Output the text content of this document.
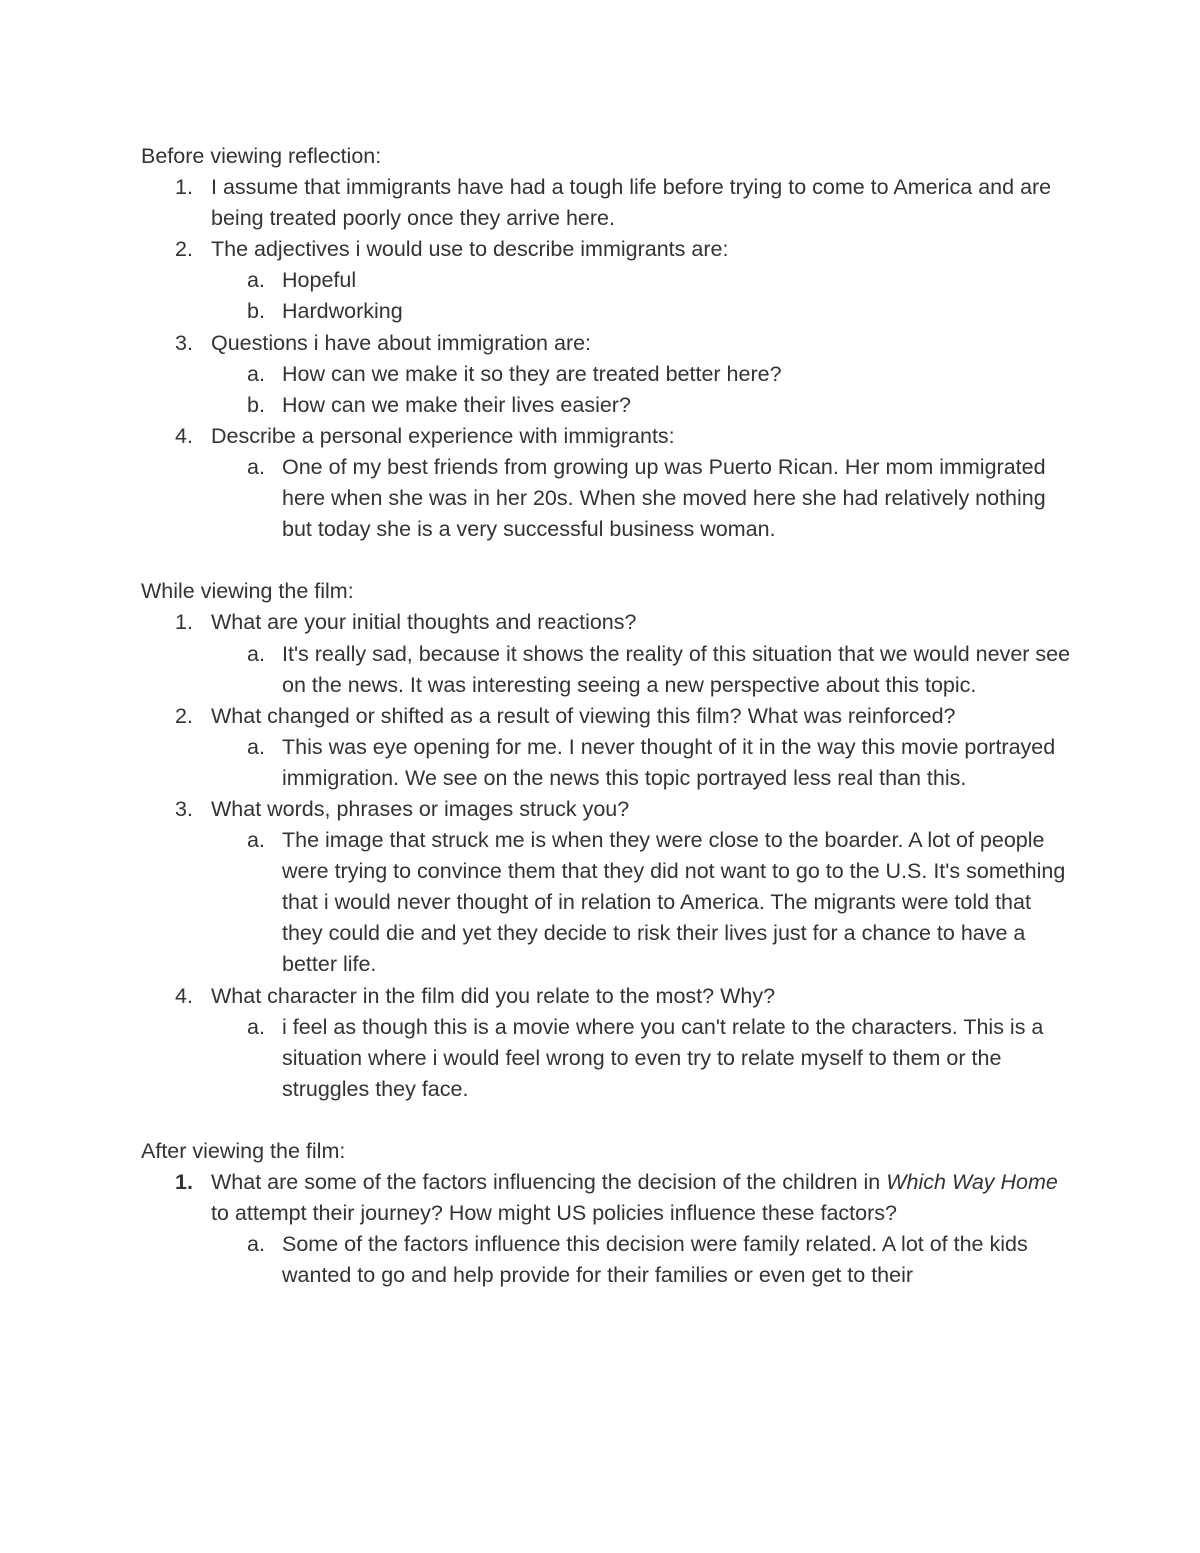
Before viewing reflection:

1. I assume that immigrants have had a tough life before trying to come to America and are being treated poorly once they arrive here.
2. The adjectives i would use to describe immigrants are:
a. Hopeful
b. Hardworking
3. Questions i have about immigration are:
a. How can we make it so they are treated better here?
b. How can we make their lives easier?
4. Describe a personal experience with immigrants:
a. One of my best friends from growing up was Puerto Rican. Her mom immigrated here when she was in her 20s. When she moved here she had relatively nothing but today she is a very successful business woman.

While viewing the film:

1. What are your initial thoughts and reactions?
a. It's really sad, because it shows the reality of this situation that we would never see on the news. It was interesting seeing a new perspective about this topic.
2. What changed or shifted as a result of viewing this film? What was reinforced?
a. This was eye opening for me. I never thought of it in the way this movie portrayed immigration. We see on the news this topic portrayed less real than this.
3. What words, phrases or images struck you?
a. The image that struck me is when they were close to the boarder. A lot of people were trying to convince them that they did not want to go to the U.S. It's something that i would never thought of in relation to America. The migrants were told that they could die and yet they decide to risk their lives just for a chance to have a better life.
4. What character in the film did you relate to the most? Why?
a. i feel as though this is a movie where you can't relate to the characters. This is a situation where i would feel wrong to even try to relate myself to them or the struggles they face.

After viewing the film:

1. What are some of the factors influencing the decision of the children in Which Way Home to attempt their journey? How might US policies influence these factors?
a. Some of the factors influence this decision were family related. A lot of the kids wanted to go and help provide for their families or even get to their
